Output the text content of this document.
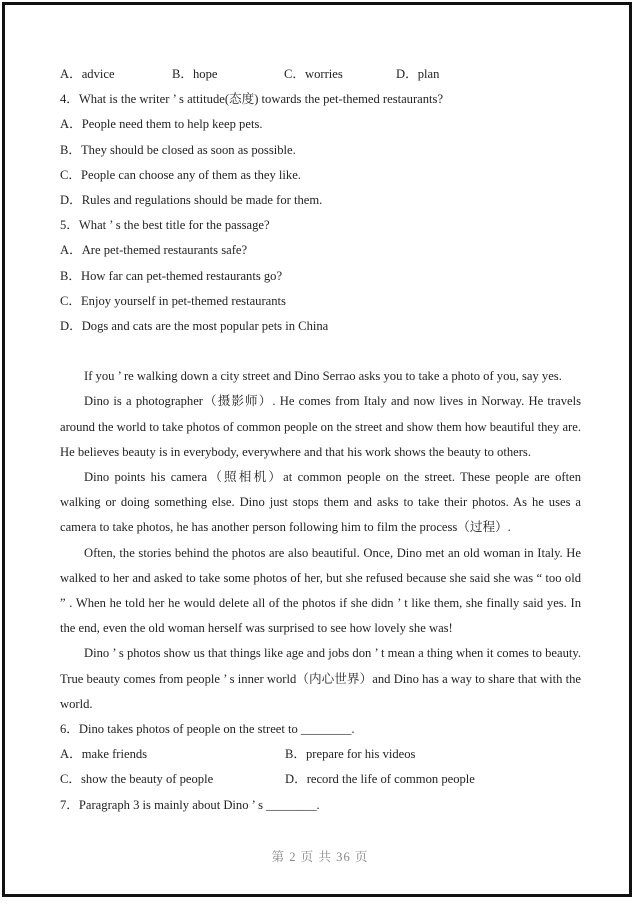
A．advice	B．hope	C．worries	D．plan

4．What is the writer ’ s attitude(态度) towards the pet-themed restaurants?

A．People need them to help keep pets.

B．They should be closed as soon as possible.

C．People can choose any of them as they like.

D．Rules and regulations should be made for them.

5．What ’ s the best title for the passage?

A．Are pet-themed restaurants safe?

B．How far can pet-themed restaurants go?

C．Enjoy yourself in pet-themed restaurants

D．Dogs and cats are the most popular pets in China

If you ’ re walking down a city street and Dino Serrao asks you to take a photo of you, say yes.

Dino is a photographer（摄影师）. He comes from Italy and now lives in Norway. He travels around the world to take photos of common people on the street and show them how beautiful they are. He believes beauty is in everybody, everywhere and that his work shows the beauty to others.

Dino points his camera（照相机）at common people on the street. These people are often walking or doing something else. Dino just stops them and asks to take their photos. As he uses a camera to take photos, he has another person following him to film the process（过程）.

Often, the stories behind the photos are also beautiful. Once, Dino met an old woman in Italy. He walked to her and asked to take some photos of her, but she refused because she said she was “ too old ” . When he told her he would delete all of the photos if she didn ’ t like them, she finally said yes. In the end, even the old woman herself was surprised to see how lovely she was!

Dino ’ s photos show us that things like age and jobs don ’ t mean a thing when it comes to beauty. True beauty comes from people ’ s inner world（内心世界）and Dino has a way to share that with the world.

6．Dino takes photos of people on the street to ________.

A．make friends	B．prepare for his videos
C．show the beauty of people	D．record the life of common people

7．Paragraph 3 is mainly about Dino ’ s ________.

第 2 页 共 36 页
